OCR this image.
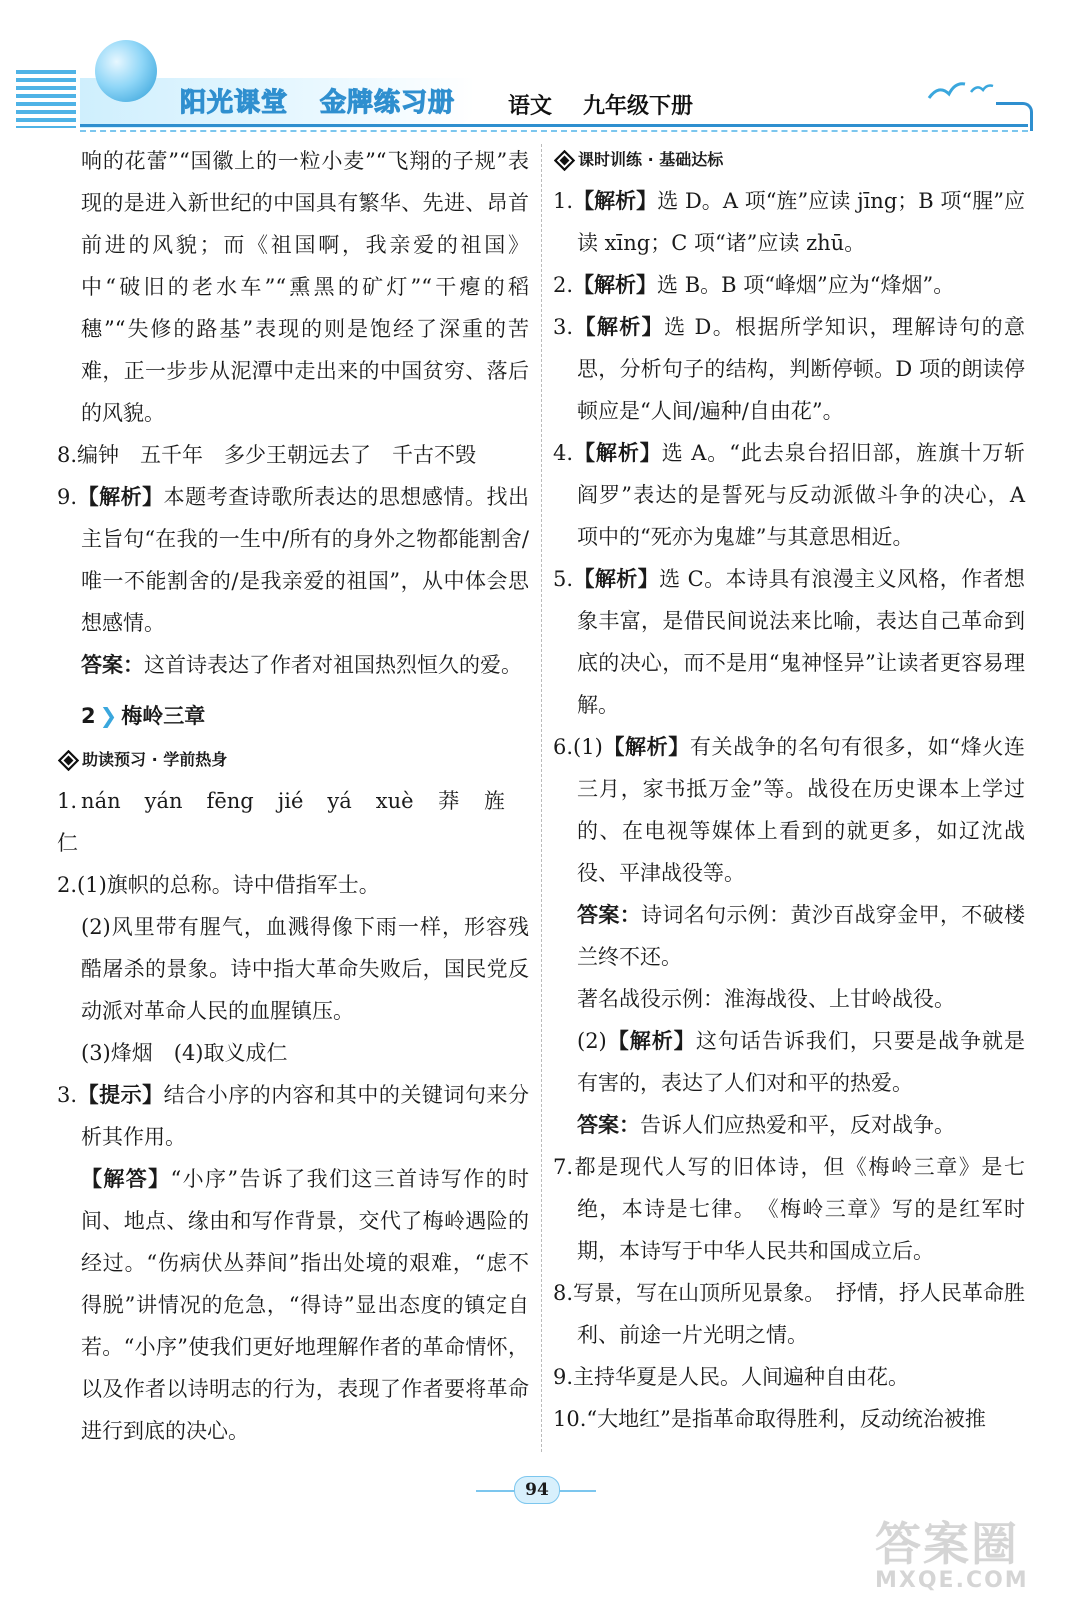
阳光课堂 金牌练习册 语文 九年级下册

响的花蕾”“国徽上的一粒小麦”“飞翔的子规”表现的是进入新世纪的中国具有繁华、先进、昂首前进的风貌；而《祖国啊，我亲爱的祖国》中“破旧的老水车”“熏黑的矿灯”“干瘪的稻穗”“失修的路基”表现的则是饱经了深重的苦难，正一步步从泥潭中走出来的中国贫穷、落后的风貌。

8.编钟　五千年　多少王朝远去了　千古不毁

9.【解析】本题考查诗歌所表达的思想感情。找出主旨句“在我的一生中/所有的身外之物都能割舍/唯一不能割舍的/是我亲爱的祖国”，从中体会思想感情。

答案：这首诗表达了作者对祖国热烈恒久的爱。

2 ❯ 梅岭三章

助读预习 · 学前热身

1. nán yán fēng jié yá xuè 莽 旌仁

2.(1)旗帜的总称。诗中借指军士。

(2)风里带有腥气，血溅得像下雨一样，形容残酷屠杀的景象。诗中指大革命失败后，国民党反动派对革命人民的血腥镇压。

(3)烽烟　(4)取义成仁

3.【提示】结合小序的内容和其中的关键词句来分析其作用。

【解答】“小序”告诉了我们这三首诗写作的时间、地点、缘由和写作背景，交代了梅岭遇险的经过。“伤病伏丛莽间”指出处境的艰难，“虑不得脱”讲情况的危急，“得诗”显出态度的镇定自若。“小序”使我们更好地理解作者的革命情怀，以及作者以诗明志的行为，表现了作者要将革命进行到底的决心。

课时训练 · 基础达标

1.【解析】选 D。A 项“旌”应读 jīng；B 项“腥”应读 xīng；C 项“诸”应读 zhū。

2.【解析】选 B。B 项“峰烟”应为“烽烟”。

3.【解析】选 D。根据所学知识，理解诗句的意思，分析句子的结构，判断停顿。D 项的朗读停顿应是“人间/遍种/自由花”。

4.【解析】选 A。“此去泉台招旧部，旌旗十万斩阎罗”表达的是誓死与反动派做斗争的决心，A 项中的“死亦为鬼雄”与其意思相近。

5.【解析】选 C。本诗具有浪漫主义风格，作者想象丰富，是借民间说法来比喻，表达自己革命到底的决心，而不是用“鬼神怪异”让读者更容易理解。

6.(1)【解析】有关战争的名句有很多，如“烽火连三月，家书抵万金”等。战役在历史课本上学过的、在电视等媒体上看到的就更多，如辽沈战役、平津战役等。

答案：诗词名句示例：黄沙百战穿金甲，不破楼兰终不还。

著名战役示例：淮海战役、上甘岭战役。

(2)【解析】这句话告诉我们，只要是战争就是有害的，表达了人们对和平的热爱。

答案：告诉人们应热爱和平，反对战争。

7.都是现代人写的旧体诗，但《梅岭三章》是七绝，本诗是七律。　《梅岭三章》写的是红军时期，本诗写于中华人民共和国成立后。

8.写景，写在山顶所见景象。　抒情，抒人民革命胜利、前途一片光明之情。

9.主持华夏是人民。人间遍种自由花。

10.“大地红”是指革命取得胜利，反动统治被推

94
答案圈
MXQE.COM
